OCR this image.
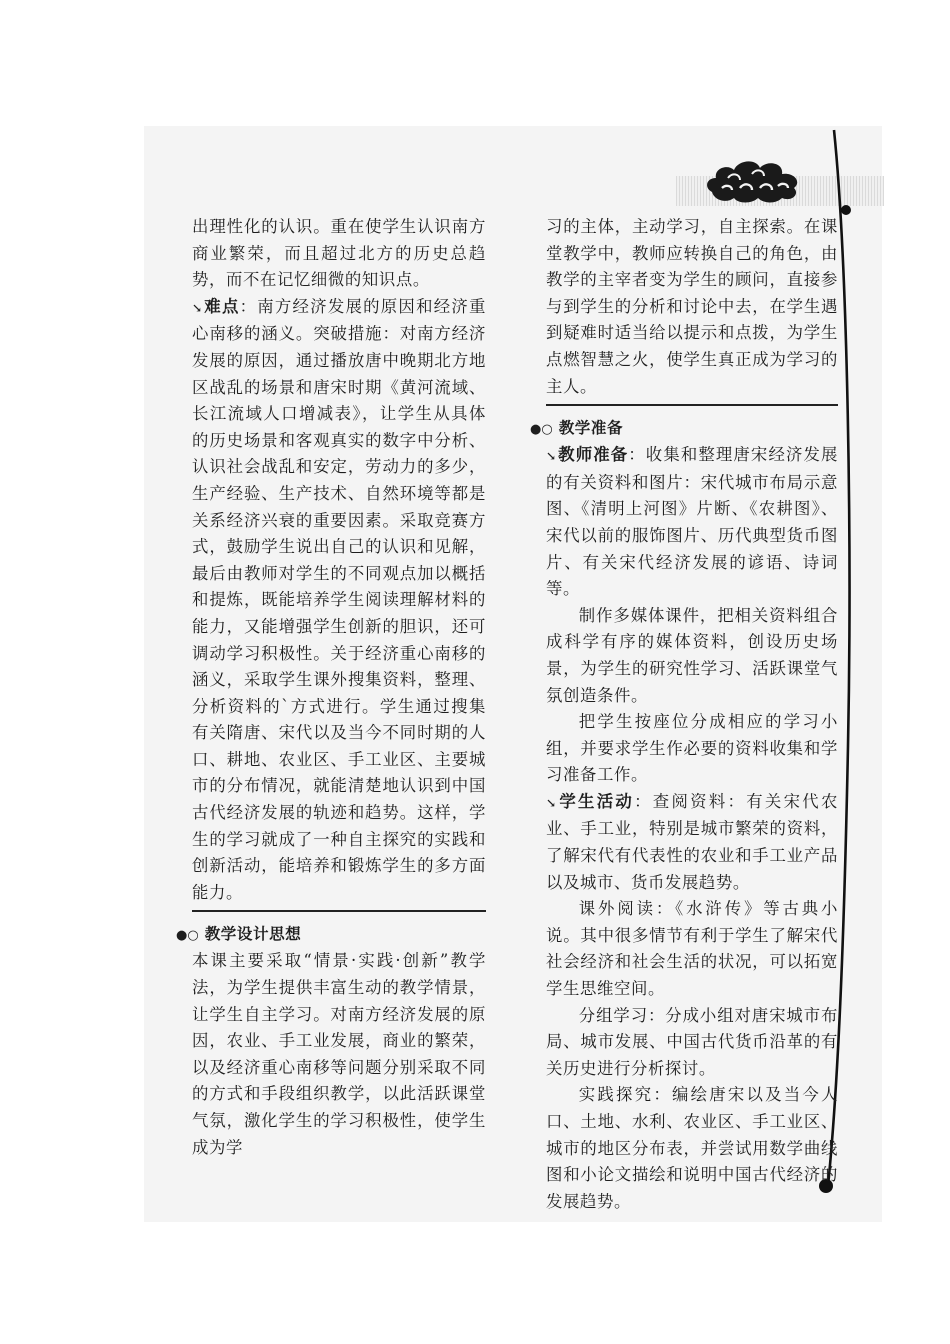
出理性化的认识。重在使学生认识南方商业繁荣，而且超过北方的历史总趋势，而不在记忆细微的知识点。

↘难点：南方经济发展的原因和经济重心南移的涵义。突破措施：对南方经济发展的原因，通过播放唐中晚期北方地区战乱的场景和唐宋时期《黄河流域、长江流域人口增减表》，让学生从具体的历史场景和客观真实的数字中分析、认识社会战乱和安定，劳动力的多少，生产经验、生产技术、自然环境等都是关系经济兴衰的重要因素。采取竞赛方式，鼓励学生说出自己的认识和见解，最后由教师对学生的不同观点加以概括和提炼，既能培养学生阅读理解材料的能力，又能增强学生创新的胆识，还可调动学习积极性。关于经济重心南移的涵义，采取学生课外搜集资料，整理、分析资料的`方式进行。学生通过搜集有关隋唐、宋代以及当今不同时期的人口、耕地、农业区、手工业区、主要城市的分布情况，就能清楚地认识到中国古代经济发展的轨迹和趋势。这样，学生的学习就成了一种自主探究的实践和创新活动，能培养和锻炼学生的多方面能力。

●○ 教学设计思想

本课主要采取“情景·实践·创新”教学法，为学生提供丰富生动的教学情景，让学生自主学习。对南方经济发展的原因，农业、手工业发展，商业的繁荣，以及经济重心南移等问题分别采取不同的方式和手段组织教学，以此活跃课堂气氛，激化学生的学习积极性，使学生成为学

习的主体，主动学习，自主探索。在课堂教学中，教师应转换自己的角色，由教学的主宰者变为学生的顾问，直接参与到学生的分析和讨论中去，在学生遇到疑难时适当给以提示和点拨，为学生点燃智慧之火，使学生真正成为学习的主人。

●○ 教学准备

↘教师准备：收集和整理唐宋经济发展的有关资料和图片：宋代城市布局示意图、《清明上河图》片断、《农耕图》、宋代以前的服饰图片、历代典型货币图片、有关宋代经济发展的谚语、诗词等。

制作多媒体课件，把相关资料组合成科学有序的媒体资料，创设历史场景，为学生的研究性学习、活跃课堂气氛创造条件。

把学生按座位分成相应的学习小组，并要求学生作必要的资料收集和学习准备工作。

↘学生活动：查阅资料：有关宋代农业、手工业，特别是城市繁荣的资料，了解宋代有代表性的农业和手工业产品以及城市、货币发展趋势。

课外阅读：《水浒传》等古典小说。其中很多情节有利于学生了解宋代社会经济和社会生活的状况，可以拓宽学生思维空间。

分组学习：分成小组对唐宋城市布局、城市发展、中国古代货币沿革的有关历史进行分析探讨。

实践探究：编绘唐宋以及当今人口、土地、水利、农业区、手工业区、城市的地区分布表，并尝试用数学曲线图和小论文描绘和说明中国古代经济的发展趋势。
